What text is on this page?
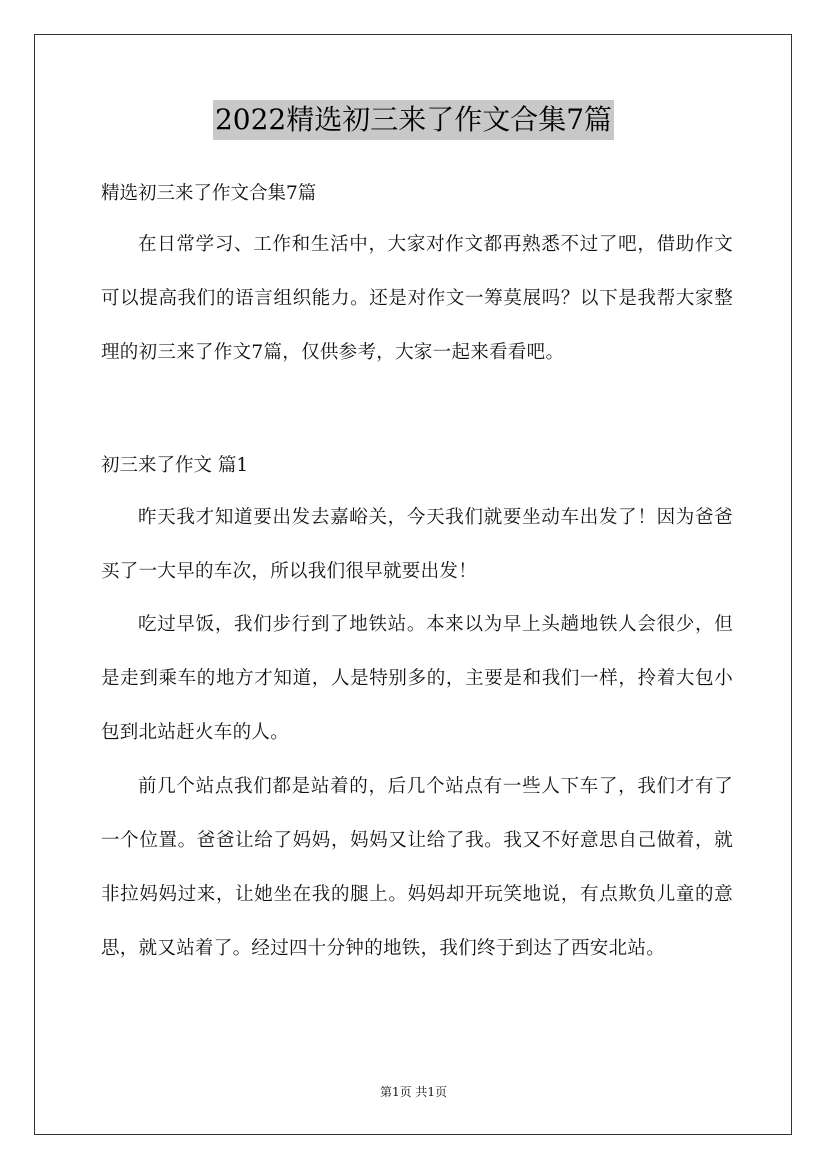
2022精选初三来了作文合集7篇
精选初三来了作文合集7篇

在日常学习、工作和生活中，大家对作文都再熟悉不过了吧，借助作文可以提高我们的语言组织能力。还是对作文一筹莫展吗？以下是我帮大家整理的初三来了作文7篇，仅供参考，大家一起来看看吧。

初三来了作文 篇1

昨天我才知道要出发去嘉峪关，今天我们就要坐动车出发了！因为爸爸买了一大早的车次，所以我们很早就要出发！

吃过早饭，我们步行到了地铁站。本来以为早上头趟地铁人会很少，但是走到乘车的地方才知道，人是特别多的，主要是和我们一样，拎着大包小包到北站赶火车的人。

前几个站点我们都是站着的，后几个站点有一些人下车了，我们才有了一个位置。爸爸让给了妈妈，妈妈又让给了我。我又不好意思自己做着，就非拉妈妈过来，让她坐在我的腿上。妈妈却开玩笑地说，有点欺负儿童的意思，就又站着了。经过四十分钟的地铁，我们终于到达了西安北站。

第1页 共1页
